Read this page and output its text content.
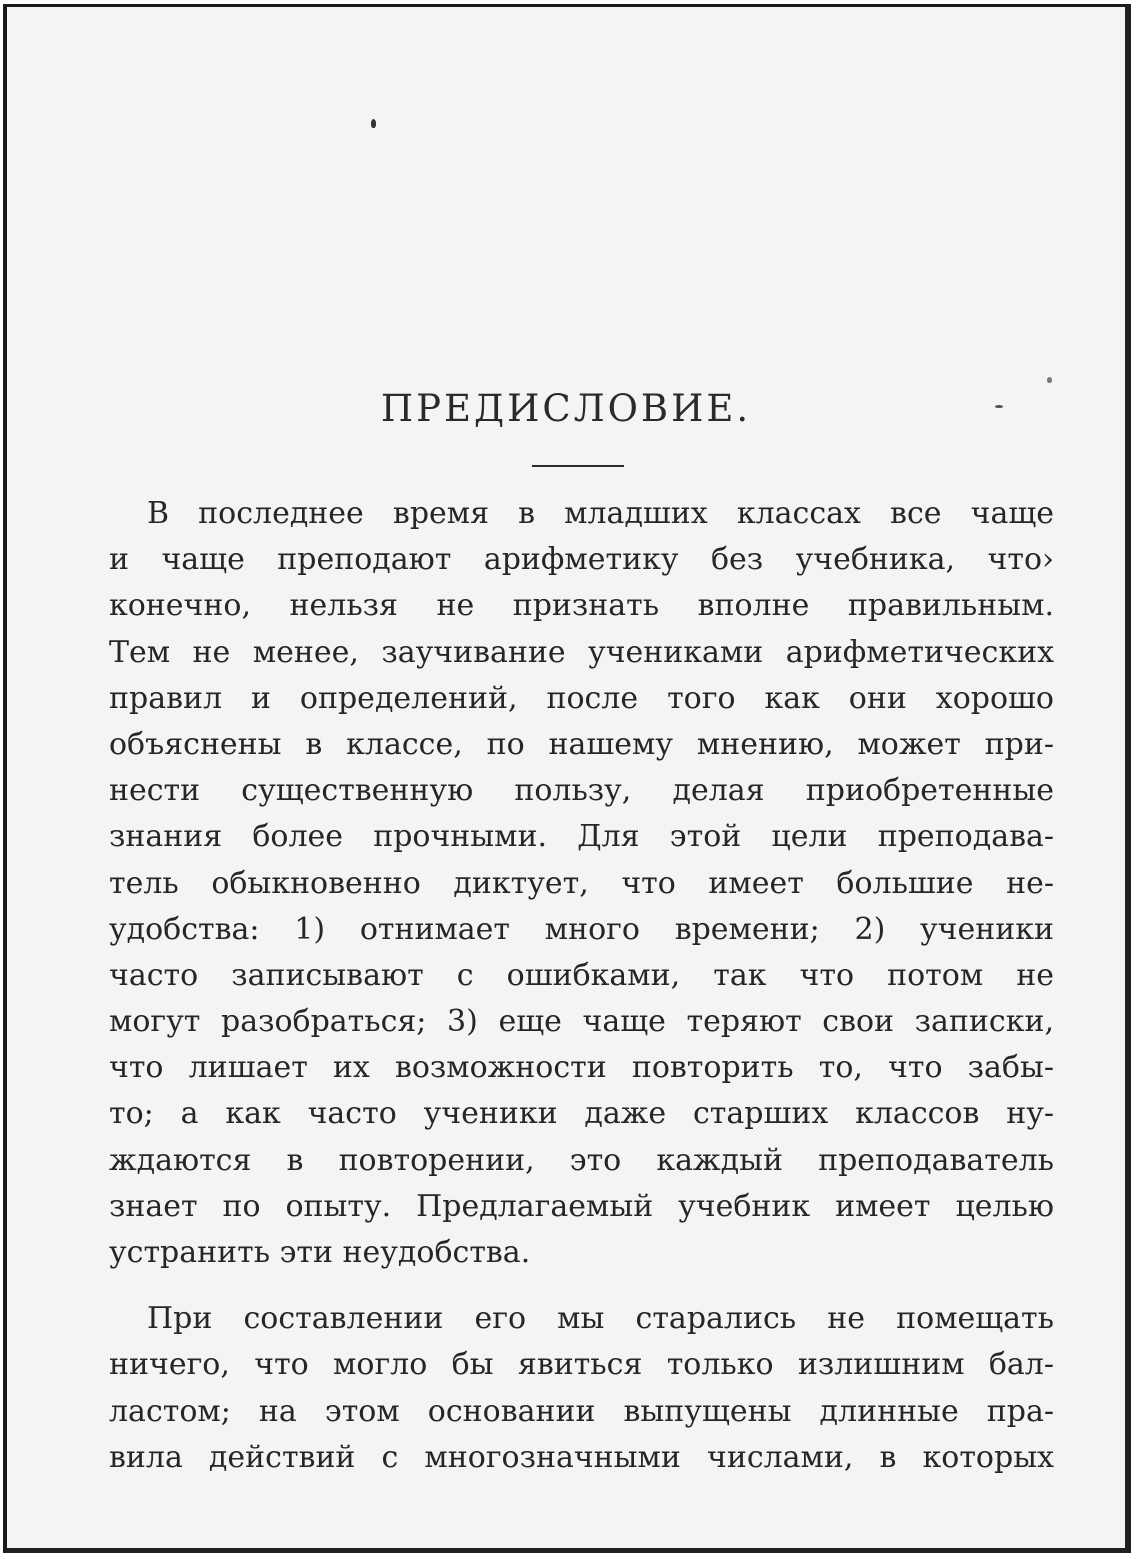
ПРЕДИСЛОВИЕ.
В последнее время в младших классах все чаще
и чаще преподают арифметику без учебника, что›
конечно, нельзя не признать вполне правильным.
Тем не менее, заучивание учениками арифметических
правил и определений, после того как они хорошо
объяснены в классе, по нашему мнению, может при-
нести существенную пользу, делая приобретенные
знания более прочными. Для этой цели преподава-
тель обыкновенно диктует, что имеет большие не-
удобства: 1) отнимает много времени; 2) ученики
часто записывают с ошибками, так что потом не
могут разобраться; 3) еще чаще теряют свои записки,
что лишает их возможности повторить то, что забы-
то; а как часто ученики даже старших классов ну-
ждаются в повторении, это каждый преподаватель
знает по опыту. Предлагаемый учебник имеет целью
устранить эти неудобства.
При составлении его мы старались не помещать
ничего, что могло бы явиться только излишним бал-
ластом; на этом основании выпущены длинные пра-
вила действий с многозначными числами, в которых
